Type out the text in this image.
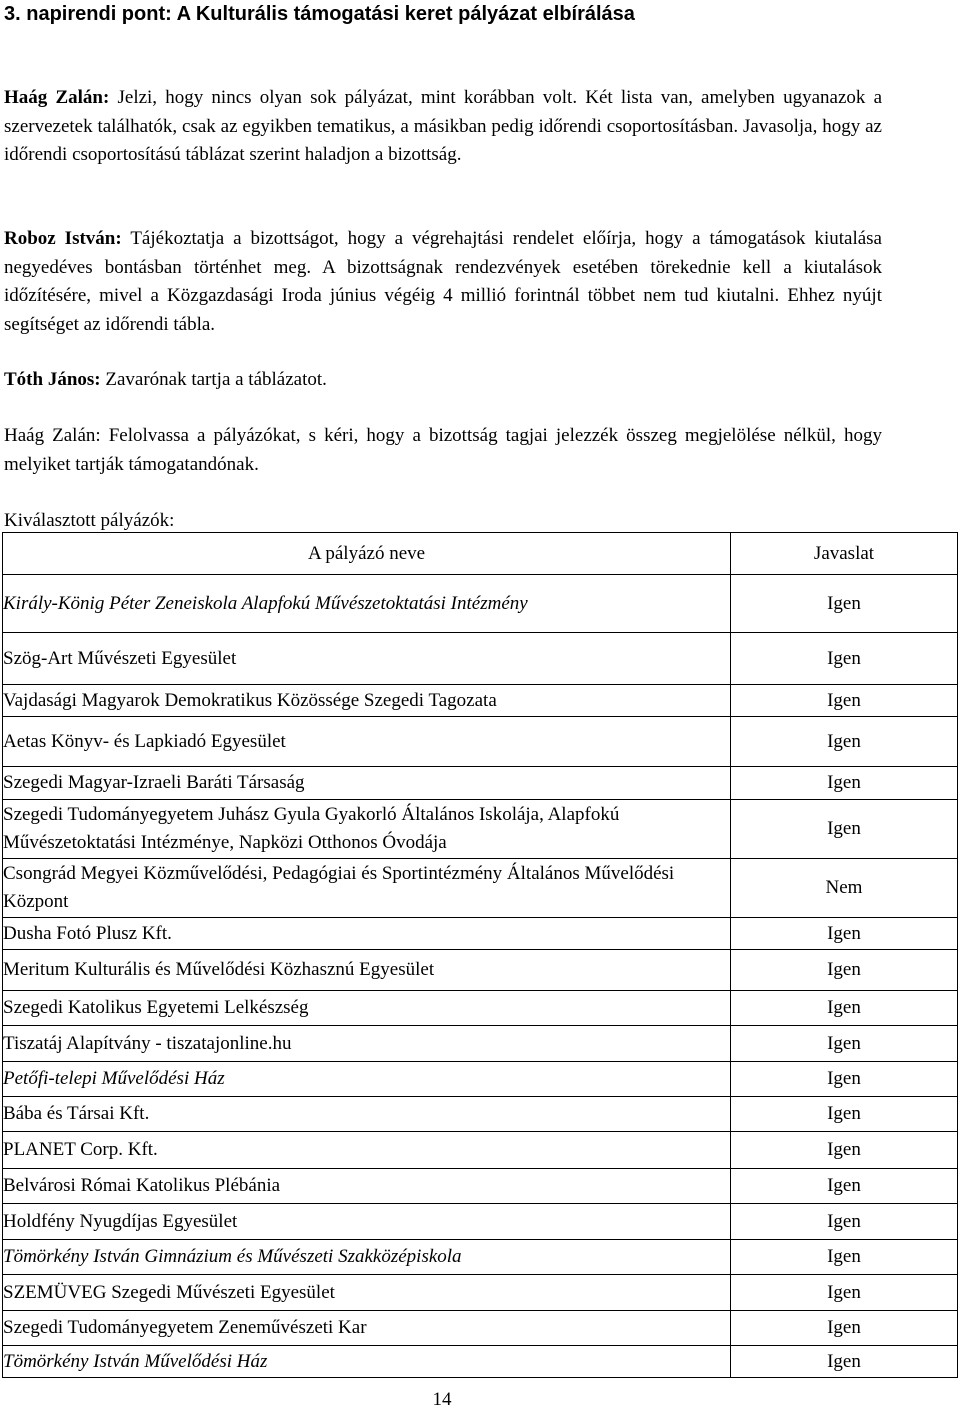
3. napirendi pont: A Kulturális támogatási keret pályázat elbírálása

Haág Zalán: Jelzi, hogy nincs olyan sok pályázat, mint korábban volt. Két lista van, amelyben ugyanazok a szervezetek találhatók, csak az egyikben tematikus, a másikban pedig időrendi csoportosításban. Javasolja, hogy az időrendi csoportosítású táblázat szerint haladjon a bizottság.

Roboz István: Tájékoztatja a bizottságot, hogy a végrehajtási rendelet előírja, hogy a támogatások kiutalása negyedéves bontásban történhet meg. A bizottságnak rendezvények esetében törekednie kell a kiutalások időzítésére, mivel a Közgazdasági Iroda június végéig 4 millió forintnál többet nem tud kiutalni. Ehhez nyújt segítséget az időrendi tábla.

Tóth János: Zavarónak tartja a táblázatot.

Haág Zalán: Felolvassa a pályázókat, s kéri, hogy a bizottság tagjai jelezzék összeg megjelölése nélkül, hogy melyiket tartják támogatandónak.

Kiválasztott pályázók:
A pályázó neve	Javaslat
Király-König Péter Zeneiskola Alapfokú Művészetoktatási Intézmény	Igen
Szög-Art Művészeti Egyesület	Igen
Vajdasági Magyarok Demokratikus Közössége Szegedi Tagozata	Igen
Aetas Könyv- és Lapkiadó Egyesület	Igen
Szegedi Magyar-Izraeli Baráti Társaság	Igen
Szegedi Tudományegyetem Juhász Gyula Gyakorló Általános Iskolája, Alapfokú Művészetoktatási Intézménye, Napközi Otthonos Óvodája	Igen
Csongrád Megyei Közművelődési, Pedagógiai és Sportintézmény Általános Művelődési Központ	Nem
Dusha Fotó Plusz Kft.	Igen
Meritum Kulturális és Művelődési Közhasznú Egyesület	Igen
Szegedi Katolikus Egyetemi Lelkészség	Igen
Tiszatáj Alapítvány - tiszatajonline.hu	Igen
Petőfi-telepi Művelődési Ház	Igen
Bába és Társai Kft.	Igen
PLANET Corp. Kft.	Igen
Belvárosi Római Katolikus Plébánia	Igen
Holdfény Nyugdíjas Egyesület	Igen
Tömörkény István Gimnázium és Művészeti Szakközépiskola	Igen
SZEMÜVEG Szegedi Művészeti Egyesület	Igen
Szegedi Tudományegyetem Zeneművészeti Kar	Igen
Tömörkény István Művelődési Ház	Igen
14
